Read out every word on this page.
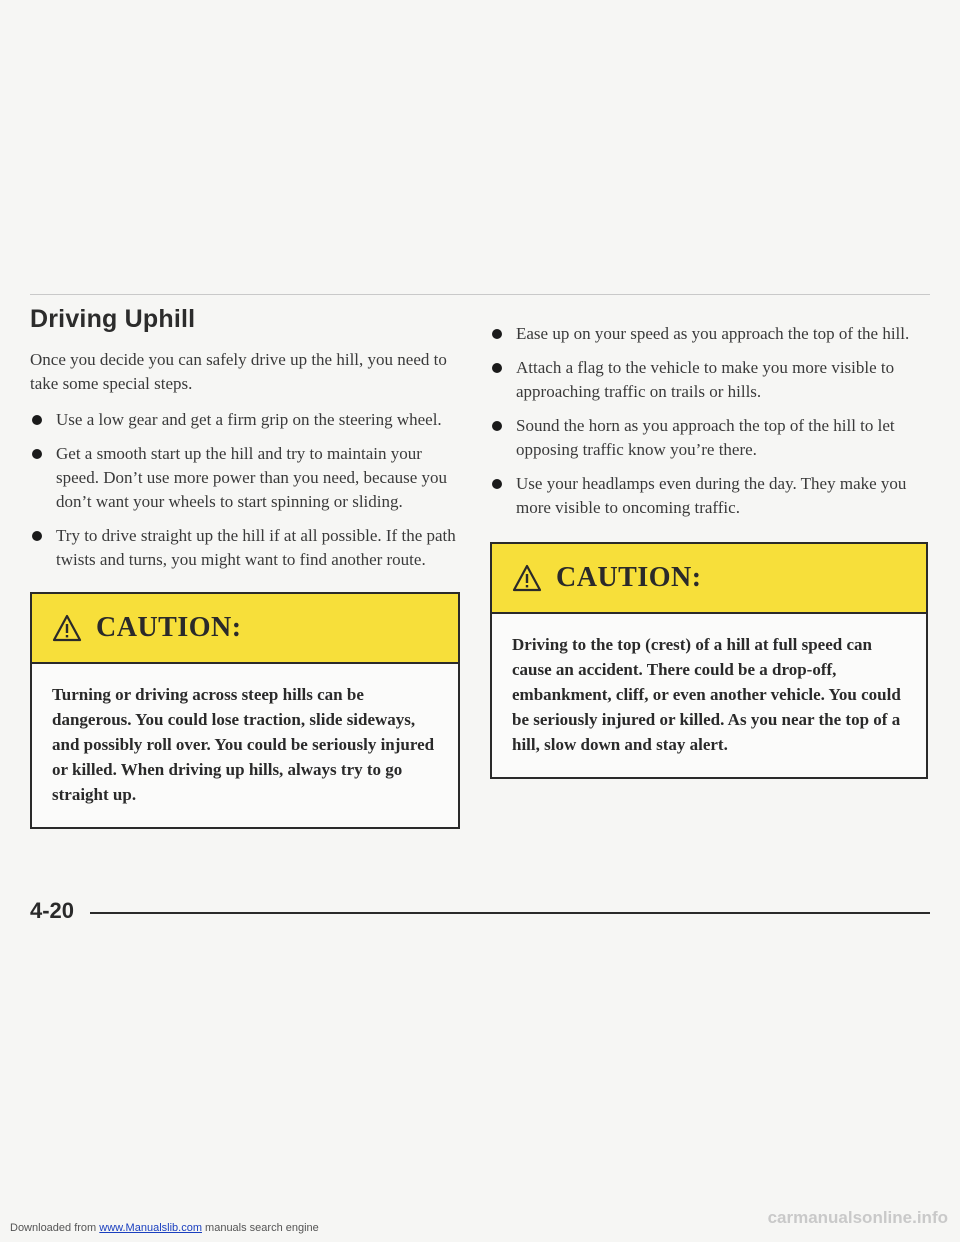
Driving Uphill

Once you decide you can safely drive up the hill, you need to take some special steps.

Use a low gear and get a firm grip on the steering wheel.
Get a smooth start up the hill and try to maintain your speed. Don’t use more power than you need, because you don’t want your wheels to start spinning or sliding.
Try to drive straight up the hill if at all possible. If the path twists and turns, you might want to find another route.
CAUTION:
Turning or driving across steep hills can be dangerous. You could lose traction, slide sideways, and possibly roll over. You could be seriously injured or killed. When driving up hills, always try to go straight up.
Ease up on your speed as you approach the top of the hill.
Attach a flag to the vehicle to make you more visible to approaching traffic on trails or hills.
Sound the horn as you approach the top of the hill to let opposing traffic know you’re there.
Use your headlamps even during the day. They make you more visible to oncoming traffic.
CAUTION:
Driving to the top (crest) of a hill at full speed can cause an accident. There could be a drop-off, embankment, cliff, or even another vehicle. You could be seriously injured or killed. As you near the top of a hill, slow down and stay alert.
4-20
Downloaded from www.Manualslib.com manuals search engine
carmanualsonline.info
